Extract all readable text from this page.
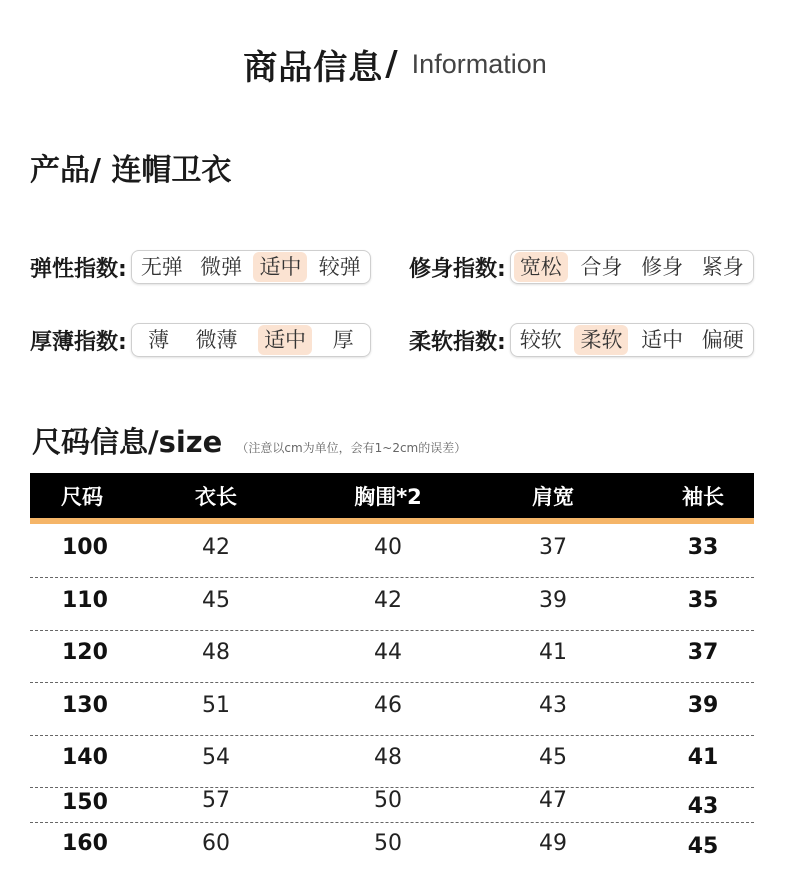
商品信息 / Information
产品/ 连帽卫衣
弹性指数: 无弹 微弹 适中 较弹 修身指数: 宽松 合身 修身 紧身
厚薄指数: 薄 微薄 适中 厚	柔软指数: 较软 柔软 适中 偏硬
尺码信息/size （注意以cm为单位，会有1~2cm的误差）
尺码	衣长	胸围*2	肩宽	袖长
100	42	40	37	33
110	45	42	39	35
120	48	44	41	37
130	51	46	43	39
140	54	48	45	41
150	57	50	47	43
160	60	50	49	45
